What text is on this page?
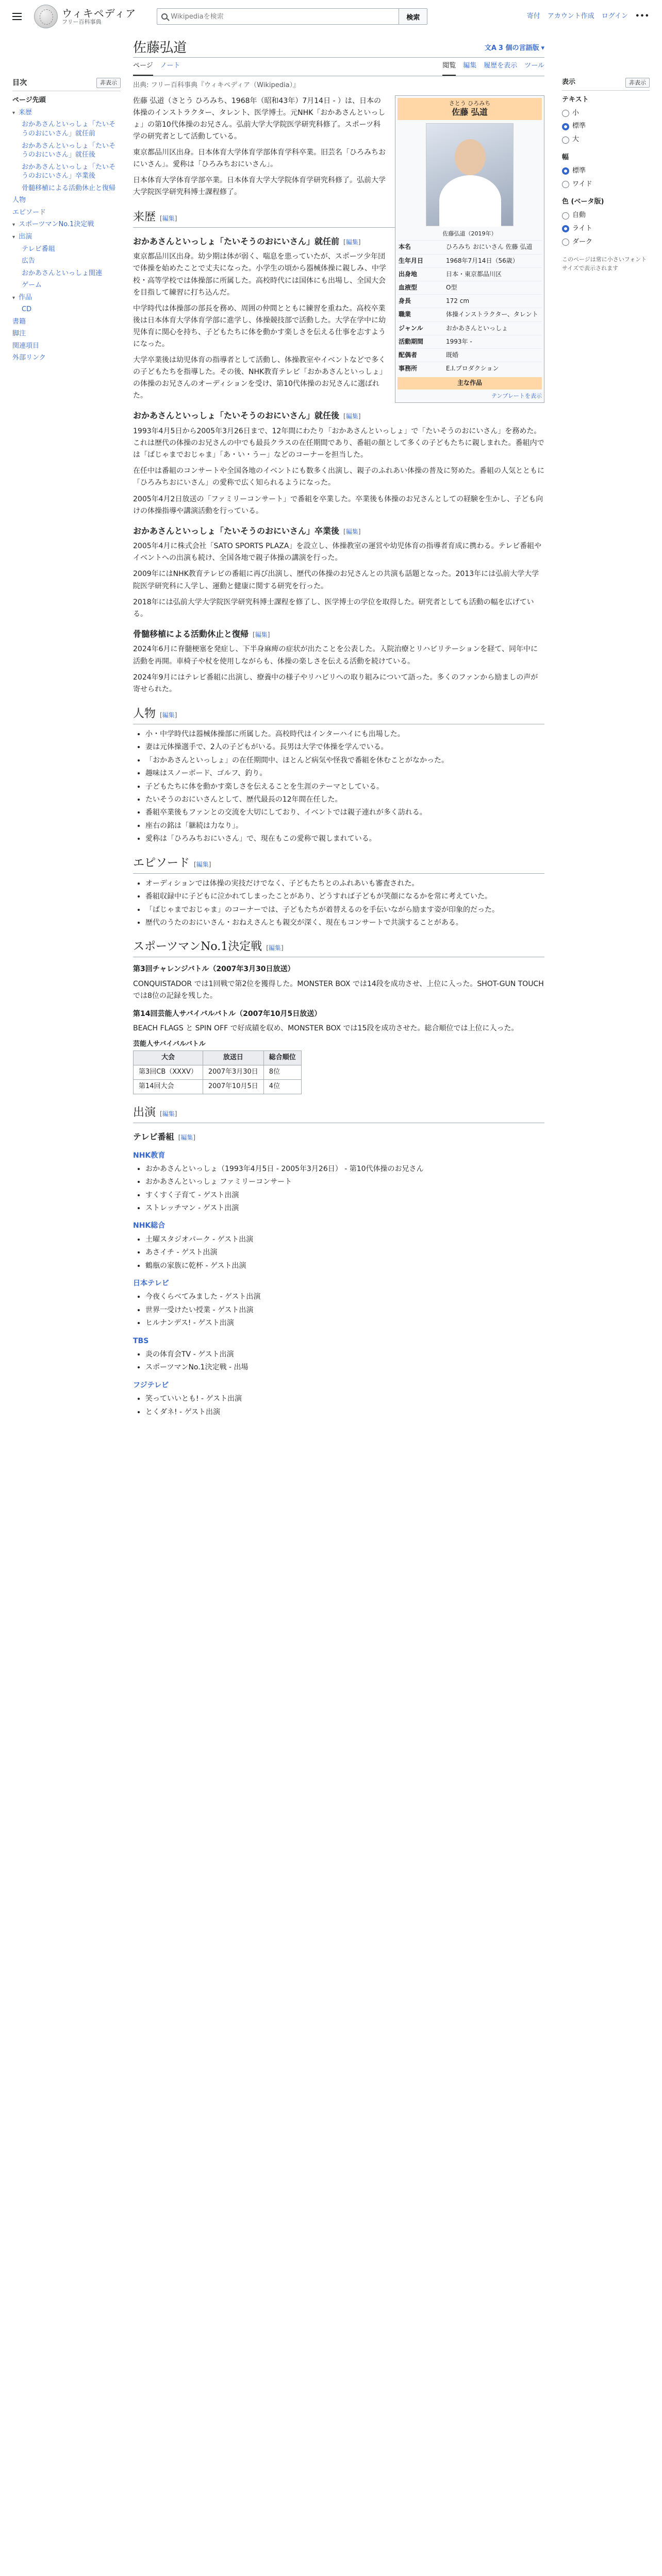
ウィキペディア
フリー百科事典
Wikipediaを検索
検索	寄付 アカウント作成 ログイン •••
目次	非表示
ページ先頭
▾ 来歴
おかあさんといっしょ「たいそうのおにいさん」就任前
おかあさんといっしょ「たいそうのおにいさん」就任後
おかあさんといっしょ「たいそうのおにいさん」卒業後
骨髄移植による活動休止と復帰
人物
エピソード
▾ スポーツマンNo.1決定戦
▾ 出演
テレビ番組
広告
おかあさんといっしょ関連
ゲーム
▾ 作品
CD
書籍
脚注
関連項目
外部リンク
佐藤弘道	文A 3 個の言語版 ▾
ページ ノート	閲覧 編集 履歴を表示 ツール
出典: フリー百科事典『ウィキペディア（Wikipedia）』
さとう ひろみち
佐藤 弘道
佐藤弘道（2019年）
本名	ひろみち おにいさん 佐藤 弘道
生年月日	1968年7月14日（56歳）
出身地	日本・東京都品川区
血液型	O型
身長	172 cm
職業	体操インストラクター、タレント
ジャンル	おかあさんといっしょ
活動期間	1993年 -
配偶者	既婚
事務所	E.I.プロダクション
主な作品
テンプレートを表示

佐藤 弘道（さとう ひろみち、1968年（昭和43年）7月14日 - ）は、日本の体操のインストラクター、タレント、医学博士。元NHK「おかあさんといっしょ」の第10代体操のお兄さん。弘前大学大学院医学研究科修了。スポーツ科学の研究者として活動している。

東京都品川区出身。日本体育大学体育学部体育学科卒業。旧芸名「ひろみちおにいさん」。愛称は「ひろみちおにいさん」。

日本体育大学体育学部卒業。日本体育大学大学院体育学研究科修了。弘前大学大学院医学研究科博士課程修了。

来歴 [編集]
おかあさんといっしょ「たいそうのおにいさん」就任前 [編集]

東京都品川区出身。幼少期は体が弱く、喘息を患っていたが、スポーツ少年団で体操を始めたことで丈夫になった。小学生の頃から器械体操に親しみ、中学校・高等学校では体操部に所属した。高校時代には国体にも出場し、全国大会を目指して練習に打ち込んだ。

中学時代は体操部の部長を務め、周囲の仲間とともに練習を重ねた。高校卒業後は日本体育大学体育学部に進学し、体操競技部で活動した。大学在学中に幼児体育に関心を持ち、子どもたちに体を動かす楽しさを伝える仕事を志すようになった。

大学卒業後は幼児体育の指導者として活動し、体操教室やイベントなどで多くの子どもたちを指導した。その後、NHK教育テレビ「おかあさんといっしょ」の体操のお兄さんのオーディションを受け、第10代体操のお兄さんに選ばれた。

おかあさんといっしょ「たいそうのおにいさん」就任後 [編集]

1993年4月5日から2005年3月26日まで、12年間にわたり「おかあさんといっしょ」で「たいそうのおにいさん」を務めた。これは歴代の体操のお兄さんの中でも最長クラスの在任期間であり、番組の顔として多くの子どもたちに親しまれた。番組内では「ぱじゃまでおじゃま」「あ・い・うー」などのコーナーを担当した。

在任中は番組のコンサートや全国各地のイベントにも数多く出演し、親子のふれあい体操の普及に努めた。番組の人気とともに「ひろみちおにいさん」の愛称で広く知られるようになった。

2005年4月2日放送の「ファミリーコンサート」で番組を卒業した。卒業後も体操のお兄さんとしての経験を生かし、子ども向けの体操指導や講演活動を行っている。

おかあさんといっしょ「たいそうのおにいさん」卒業後 [編集]

2005年4月に株式会社「SATO SPORTS PLAZA」を設立し、体操教室の運営や幼児体育の指導者育成に携わる。テレビ番組やイベントへの出演も続け、全国各地で親子体操の講演を行った。

2009年にはNHK教育テレビの番組に再び出演し、歴代の体操のお兄さんとの共演も話題となった。2013年には弘前大学大学院医学研究科に入学し、運動と健康に関する研究を行った。

2018年には弘前大学大学院医学研究科博士課程を修了し、医学博士の学位を取得した。研究者としても活動の幅を広げている。

骨髄移植による活動休止と復帰 [編集]

2024年6月に脊髄梗塞を発症し、下半身麻痺の症状が出たことを公表した。入院治療とリハビリテーションを経て、同年中に活動を再開。車椅子や杖を使用しながらも、体操の楽しさを伝える活動を続けている。

2024年9月にはテレビ番組に出演し、療養中の様子やリハビリへの取り組みについて語った。多くのファンから励ましの声が寄せられた。

人物 [編集]
• 小・中学時代は器械体操部に所属した。高校時代はインターハイにも出場した。
• 妻は元体操選手で、2人の子どもがいる。長男は大学で体操を学んでいる。
• 「おかあさんといっしょ」の在任期間中、ほとんど病気や怪我で番組を休むことがなかった。
• 趣味はスノーボード、ゴルフ、釣り。
• 子どもたちに体を動かす楽しさを伝えることを生涯のテーマとしている。
• たいそうのおにいさんとして、歴代最長の12年間在任した。
• 番組卒業後もファンとの交流を大切にしており、イベントでは親子連れが多く訪れる。
• 座右の銘は「継続は力なり」。
• 愛称は「ひろみちおにいさん」で、現在もこの愛称で親しまれている。
エピソード [編集]
• オーディションでは体操の実技だけでなく、子どもたちとのふれあいも審査された。
• 番組収録中に子どもに泣かれてしまったことがあり、どうすれば子どもが笑顔になるかを常に考えていた。
• 「ぱじゃまでおじゃま」のコーナーでは、子どもたちが着替えるのを手伝いながら励ます姿が印象的だった。
• 歴代のうたのおにいさん・おねえさんとも親交が深く、現在もコンサートで共演することがある。
スポーツマンNo.1決定戦 [編集]
第3回チャレンジバトル（2007年3月30日放送）

CONQUISTADOR では1回戦で第2位を獲得した。MONSTER BOX では14段を成功させ、上位に入った。SHOT-GUN TOUCH では8位の記録を残した。

第14回芸能人サバイバルバトル（2007年10月5日放送）

BEACH FLAGS と SPIN OFF で好成績を収め、MONSTER BOX では15段を成功させた。総合順位では上位に入った。

芸能人サバイバルバトル
大会	放送日	総合順位
第3回CB（XXXV）	2007年3月30日	8位
第14回大会	2007年10月5日	4位
出演 [編集]
テレビ番組 [編集]
NHK教育
• おかあさんといっしょ（1993年4月5日 - 2005年3月26日） - 第10代体操のお兄さん
• おかあさんといっしょ ファミリーコンサート
• すくすく子育て - ゲスト出演
• ストレッチマン - ゲスト出演
NHK総合
• 土曜スタジオパーク - ゲスト出演
• あさイチ - ゲスト出演
• 鶴瓶の家族に乾杯 - ゲスト出演
日本テレビ
• 今夜くらべてみました - ゲスト出演
• 世界一受けたい授業 - ゲスト出演
• ヒルナンデス! - ゲスト出演
TBS
• 炎の体育会TV - ゲスト出演
• スポーツマンNo.1決定戦 - 出場
フジテレビ
• 笑っていいとも! - ゲスト出演
• とくダネ! - ゲスト出演
表示	非表示
テキスト
小
標準
大
幅
標準
ワイド
色 (ベータ版)
自動
ライト
ダーク
このページは常に小さいフォントサイズで表示されます
